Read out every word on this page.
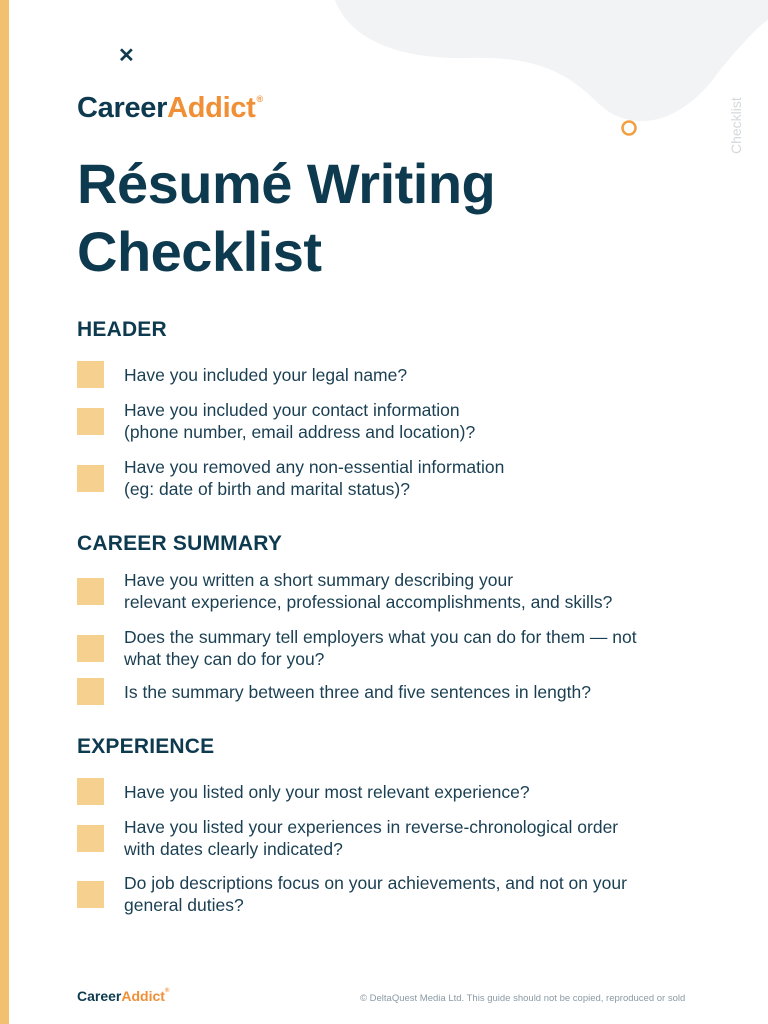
✕
CareerAddict®	Checklist
Résumé Writing
Checklist
HEADER
Have you included your legal name?
Have you included your contact information
(phone number, email address and location)?
Have you removed any non-essential information
(eg: date of birth and marital status)?
CAREER SUMMARY
Have you written a short summary describing your
relevant experience, professional accomplishments, and skills?
Does the summary tell employers what you can do for them — not
what they can do for you?
Is the summary between three and five sentences in length?
EXPERIENCE
Have you listed only your most relevant experience?
Have you listed your experiences in reverse-chronological order
with dates clearly indicated?
Do job descriptions focus on your achievements, and not on your
general duties?
CareerAddict®
© DeltaQuest Media Ltd. This guide should not be copied, reproduced or sold
